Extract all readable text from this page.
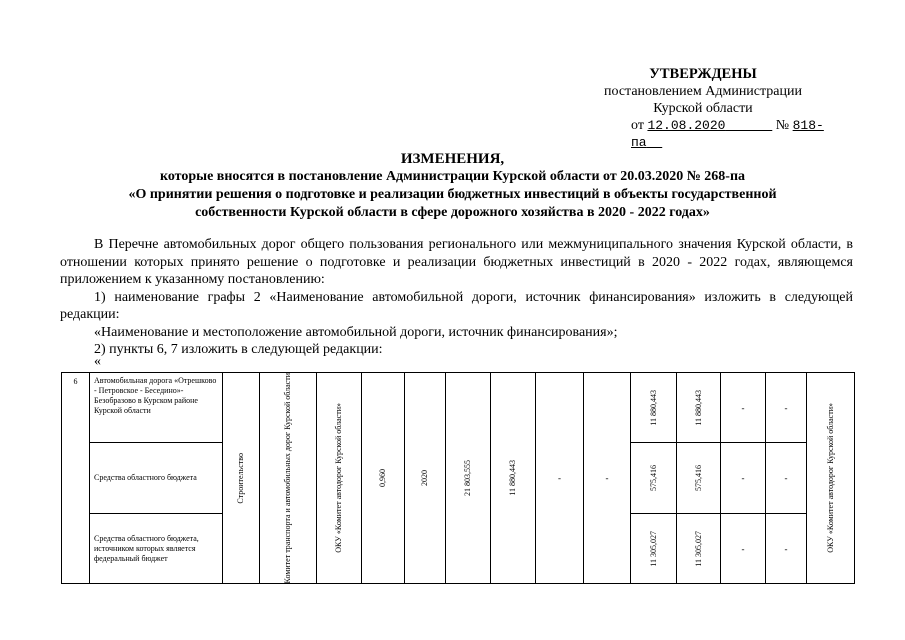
УТВЕРЖДЕНЫ
постановлением Администрации
Курской области
от 12.08.2020	№ 818-па
ИЗМЕНЕНИЯ,
которые вносятся в постановление Администрации Курской области от 20.03.2020 № 268-па
«О принятии решения о подготовке и реализации бюджетных инвестиций в объекты государственной
собственности Курской области в сфере дорожного хозяйства в 2020 - 2022 годах»

В Перечне автомобильных дорог общего пользования регионального или межмуниципального значения Курской области, в отношении которых принято решение о подготовке и реализации бюджетных инвестиций в 2020 - 2022 годах, являющемся приложением к указанному постановлению:

1) наименование графы 2 «Наименование автомобильной дороги, источник финансирования» изложить в следующей редакции:

«Наименование и местоположение автомобильной дороги, источник финансирования»;

2) пункты 6, 7 изложить в следующей редакции:

«
6	Автомобильная дорога «Отрешково - Петровское - Беседино»- Безобразово в Курском районе Курской области	Строительство	Комитет транспорта и автомобильных дорог Курской области	ОКУ «Комитет автодорог Курской области»	0,960	2020	21 803,555	11 880,443	-	-	11 880,443	11 880,443	-	-	ОКУ «Комитет автодорог Курской области»

	Средства областного бюджета										575,416	575,416	-	-	
	Средства областного бюджета, источником которых является федеральный бюджет										11 305,027	11 305,027	-	-	
